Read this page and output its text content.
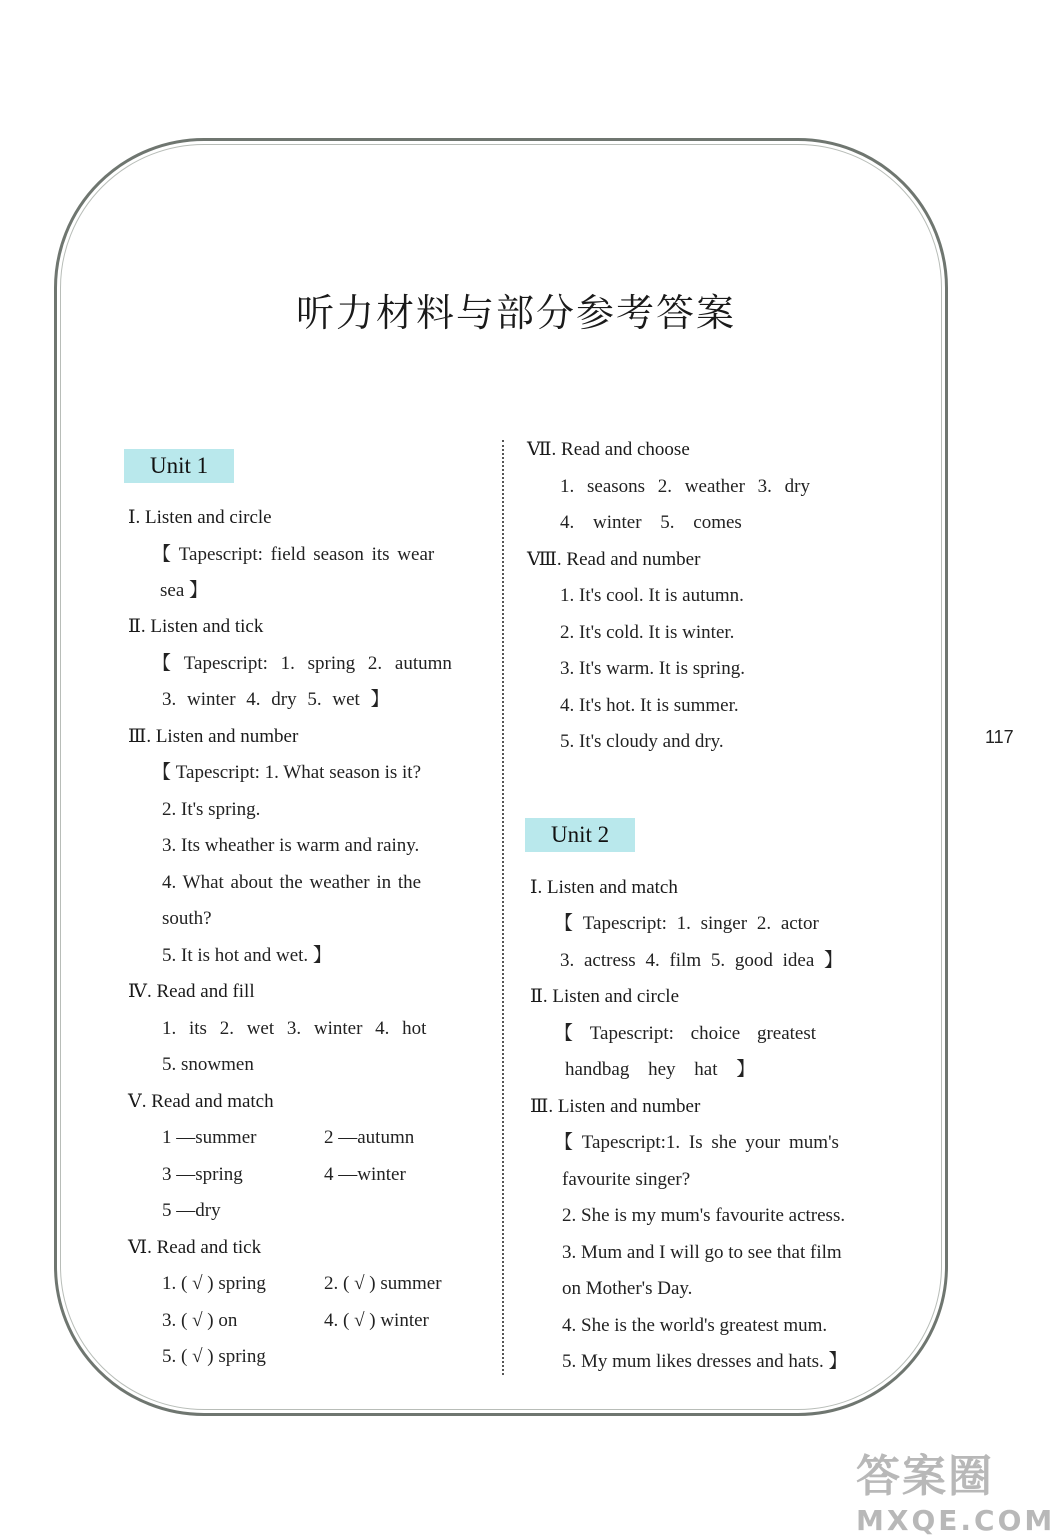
听力材料与部分参考答案
117
Unit 1
Ⅰ. Listen and circle
【 Tapescript: field season its wear
sea 】
Ⅱ. Listen and tick
【 Tapescript: 1. spring 2. autumn
3. winter 4. dry 5. wet 】
Ⅲ. Listen and number
【 Tapescript: 1. What season is it?
2. It's spring.
3. Its wheather is warm and rainy.
4. What about the weather in the
south?
5. It is hot and wet. 】
Ⅳ. Read and fill
1. its 2. wet 3. winter 4. hot
5. snowmen
Ⅴ. Read and match
1 —summer	2 —autumn
3 —spring	4 —winter
5 —dry
Ⅵ. Read and tick
1. ( √ ) spring	2. ( √ ) summer
3. ( √ ) on	4. ( √ ) winter
5. ( √ ) spring
Ⅶ. Read and choose
1. seasons 2. weather 3. dry
4. winter 5. comes
Ⅷ. Read and number
1. It's cool. It is autumn.
2. It's cold. It is winter.
3. It's warm. It is spring.
4. It's hot. It is summer.
5. It's cloudy and dry.
Unit 2
Ⅰ. Listen and match
【 Tapescript: 1. singer 2. actor
3. actress 4. film 5. good idea 】
Ⅱ. Listen and circle
【 Tapescript: choice greatest
handbag hey hat 】
Ⅲ. Listen and number
【 Tapescript:1. Is she your mum's
favourite singer?
2. She is my mum's favourite actress.
3. Mum and I will go to see that film
on Mother's Day.
4. She is the world's greatest mum.
5. My mum likes dresses and hats. 】
答案圈
MXQE.COM
